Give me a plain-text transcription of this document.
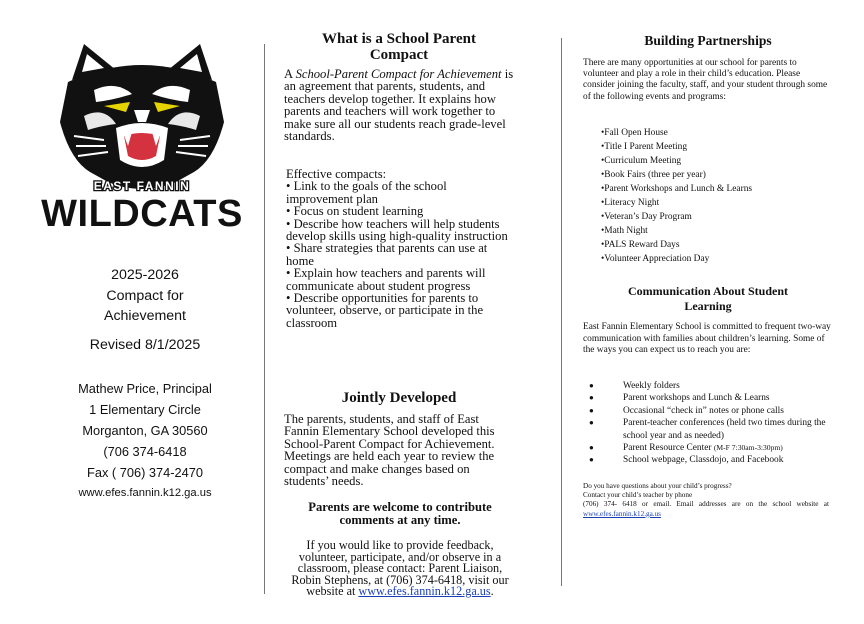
EAST FANNIN
WILDCATS

2025-2026

Compact for

Achievement

Revised 8/1/2025

Mathew Price, Principal

1 Elementary Circle

Morganton, GA 30560

(706 374-6418

Fax ( 706) 374-2470

www.efes.fannin.k12.ga.us

What is a School Parent
Compact

A School-Parent Compact for Achievement is an agreement that parents, students, and teachers develop together. It explains how parents and teachers will work together to make sure all our students reach grade-level standards.

Effective compacts:

• Link to the goals of the school improvement plan

• Focus on student learning

• Describe how teachers will help students develop skills using high-quality instruction

• Share strategies that parents can use at home

• Explain how teachers and parents will communicate about student progress

• Describe opportunities for parents to volunteer, observe, or participate in the classroom

Jointly Developed

The parents, students, and staff of East Fannin Elementary School developed this School-Parent Compact for Achievement. Meetings are held each year to review the compact and make changes based on students’ needs.

Parents are welcome to contribute
comments at any time.

If you would like to provide feedback, volunteer, participate, and/or observe in a classroom, please contact: Parent Liaison, Robin Stephens, at (706) 374-6418, visit our website at www.efes.fannin.k12.ga.us.

Building Partnerships

There are many opportunities at our school for parents to volunteer and play a role in their child’s education. Please consider joining the faculty, staff, and your student through some of the following events and programs:

• Fall Open House
• Title I Parent Meeting
• Curriculum Meeting
• Book Fairs (three per year)
• Parent Workshops and Lunch & Learns
• Literacy Night
• Veteran’s Day Program
• Math Night
• PALS Reward Days
• Volunteer Appreciation Day
Communication About Student
Learning

East Fannin Elementary School is committed to frequent two-way communication with families about children’s learning. Some of the ways you can expect us to reach you are:

● Weekly folders
● Parent workshops and Lunch & Learns
● Occasional “check in” notes or phone calls
● Parent-teacher conferences (held two times during the school year and as needed)
● Parent Resource Center (M-F 7:30am-3:30pm)
● School webpage, Classdojo, and Facebook

Do you have questions about your child’s progress?

Contact your child’s teacher by phone

(706) 374- 6418 or email. Email addresses are on the school website at www.efes.fannin.k12.ga.us
